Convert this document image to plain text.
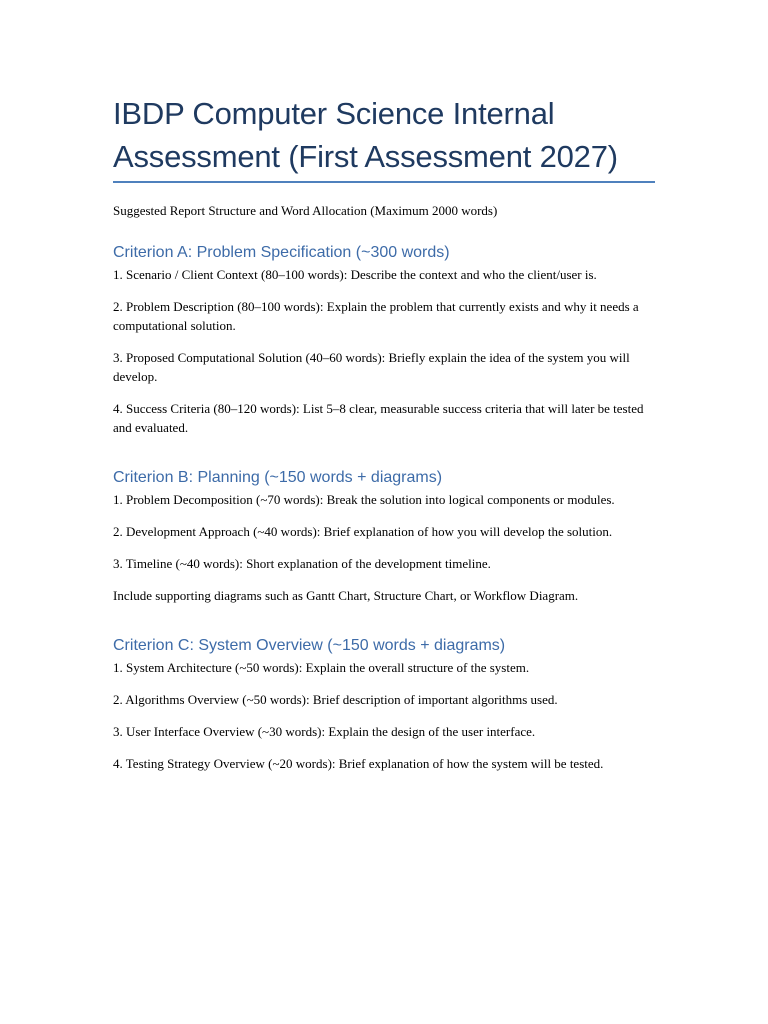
IBDP Computer Science Internal Assessment (First Assessment 2027)

Suggested Report Structure and Word Allocation (Maximum 2000 words)

Criterion A: Problem Specification (~300 words)

1. Scenario / Client Context (80–100 words): Describe the context and who the client/user is.

2. Problem Description (80–100 words): Explain the problem that currently exists and why it needs a computational solution.

3. Proposed Computational Solution (40–60 words): Briefly explain the idea of the system you will develop.

4. Success Criteria (80–120 words): List 5–8 clear, measurable success criteria that will later be tested and evaluated.

Criterion B: Planning (~150 words + diagrams)

1. Problem Decomposition (~70 words): Break the solution into logical components or modules.

2. Development Approach (~40 words): Brief explanation of how you will develop the solution.

3. Timeline (~40 words): Short explanation of the development timeline.

Include supporting diagrams such as Gantt Chart, Structure Chart, or Workflow Diagram.

Criterion C: System Overview (~150 words + diagrams)

1. System Architecture (~50 words): Explain the overall structure of the system.

2. Algorithms Overview (~50 words): Brief description of important algorithms used.

3. User Interface Overview (~30 words): Explain the design of the user interface.

4. Testing Strategy Overview (~20 words): Brief explanation of how the system will be tested.
